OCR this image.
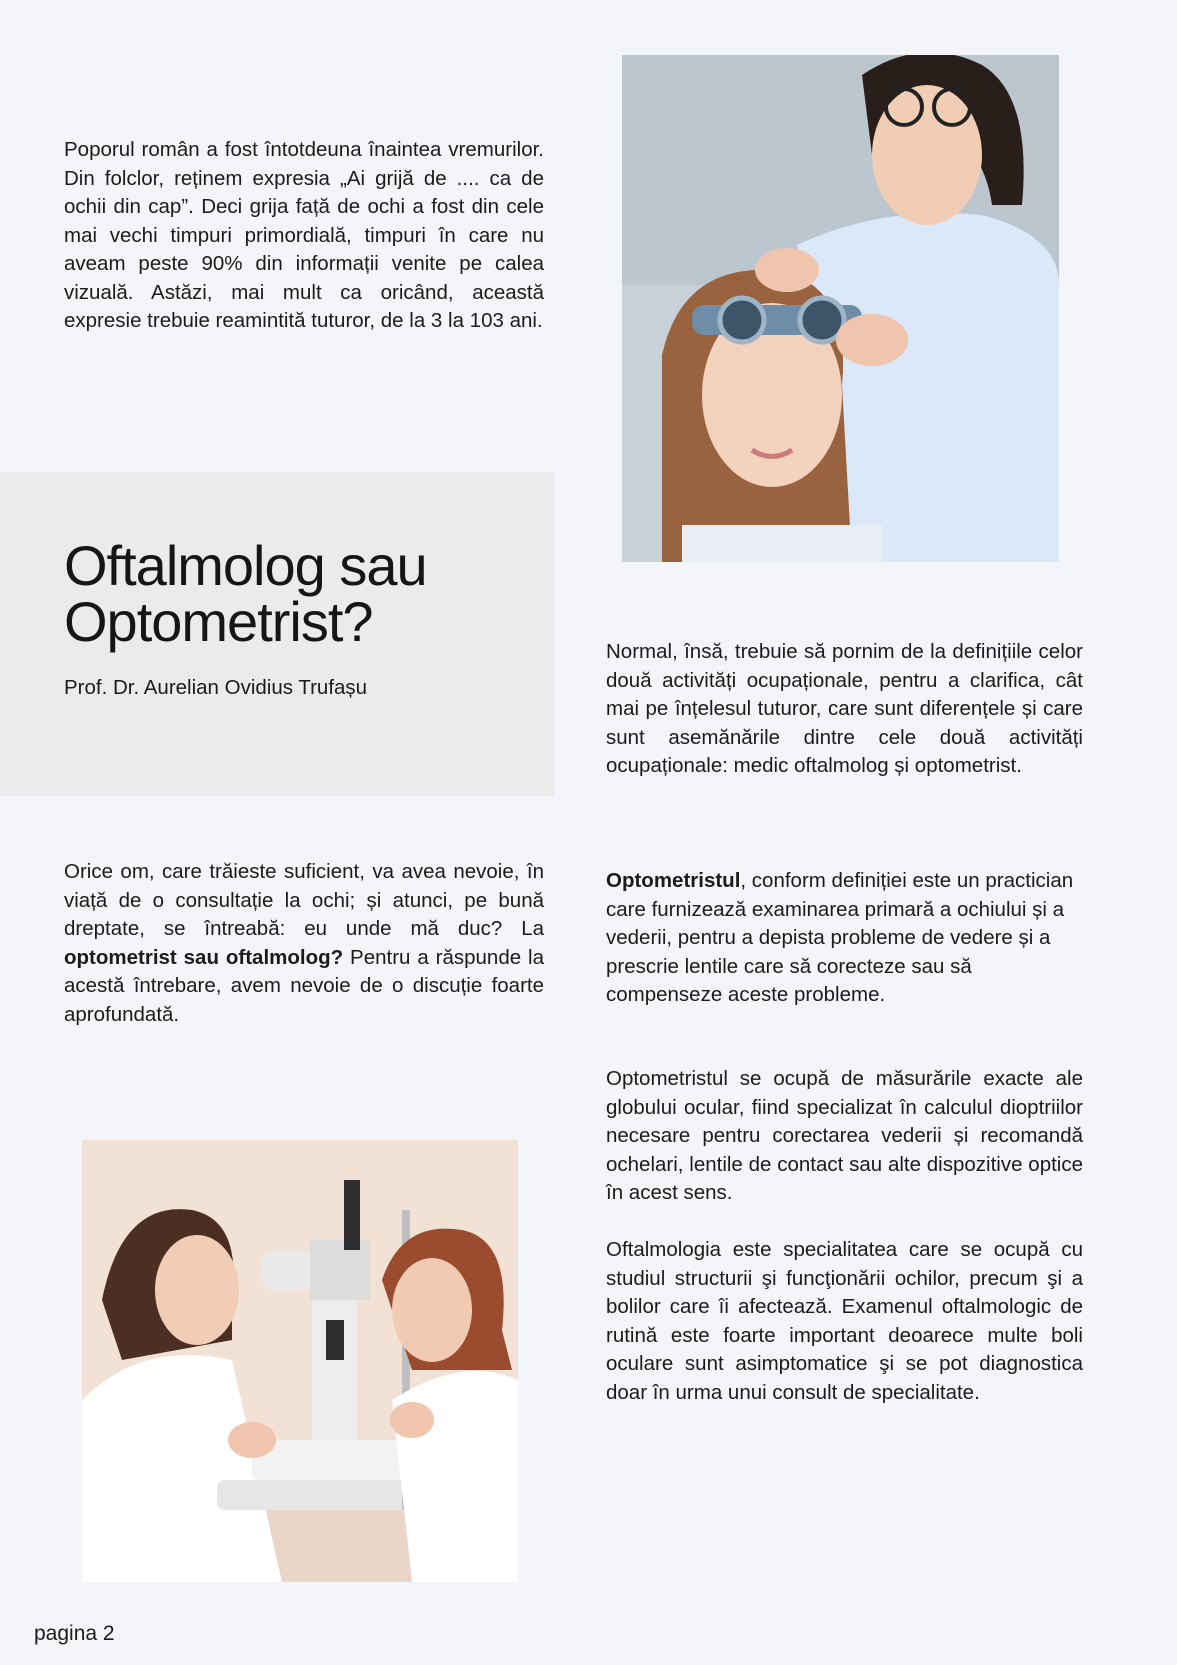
Poporul român a fost întotdeuna înaintea vremurilor. Din folclor, reținem expresia „Ai grijă de .... ca de ochii din cap”. Deci grija față de ochi a fost din cele mai vechi timpuri primordială, timpuri în care nu aveam peste 90% din informații venite pe calea vizuală. Astăzi, mai mult ca oricând, această expresie trebuie reamintită tuturor, de la 3 la 103 ani.

Oftalmolog sau
Optometrist?

Prof. Dr. Aurelian Ovidius Trufașu

Normal, însă, trebuie să pornim de la definițiile celor două activități ocupaționale, pentru a clarifica, cât mai pe înțelesul tuturor, care sunt diferențele și care sunt asemănările dintre cele două activități ocupaționale: medic oftalmolog și optometrist.

Orice om, care trăieste suficient, va avea nevoie, în viață de o consultație la ochi; și atunci, pe bună dreptate, se întreabă: eu unde mă duc? La optometrist sau oftalmolog? Pentru a răspunde la acestă întrebare, avem nevoie de o discuție foarte aprofundată.

Optometristul, conform definiției este un practician care furnizează examinarea primară a ochiului și a vederii, pentru a depista probleme de vedere și a prescrie lentile care să corecteze sau să compenseze aceste probleme.

Optometristul se ocupă de măsurările exacte ale globului ocular, fiind specializat în calculul dioptriilor necesare pentru corectarea vederii și recomandă ochelari, lentile de contact sau alte dispozitive optice în acest sens.

Oftalmologia este specialitatea care se ocupă cu studiul structurii şi funcţionării ochilor, precum şi a bolilor care îi afectează. Examenul oftalmologic de rutină este foarte important deoarece multe boli oculare sunt asimptomatice şi se pot diagnostica doar în urma unui consult de specialitate.

pagina 2
